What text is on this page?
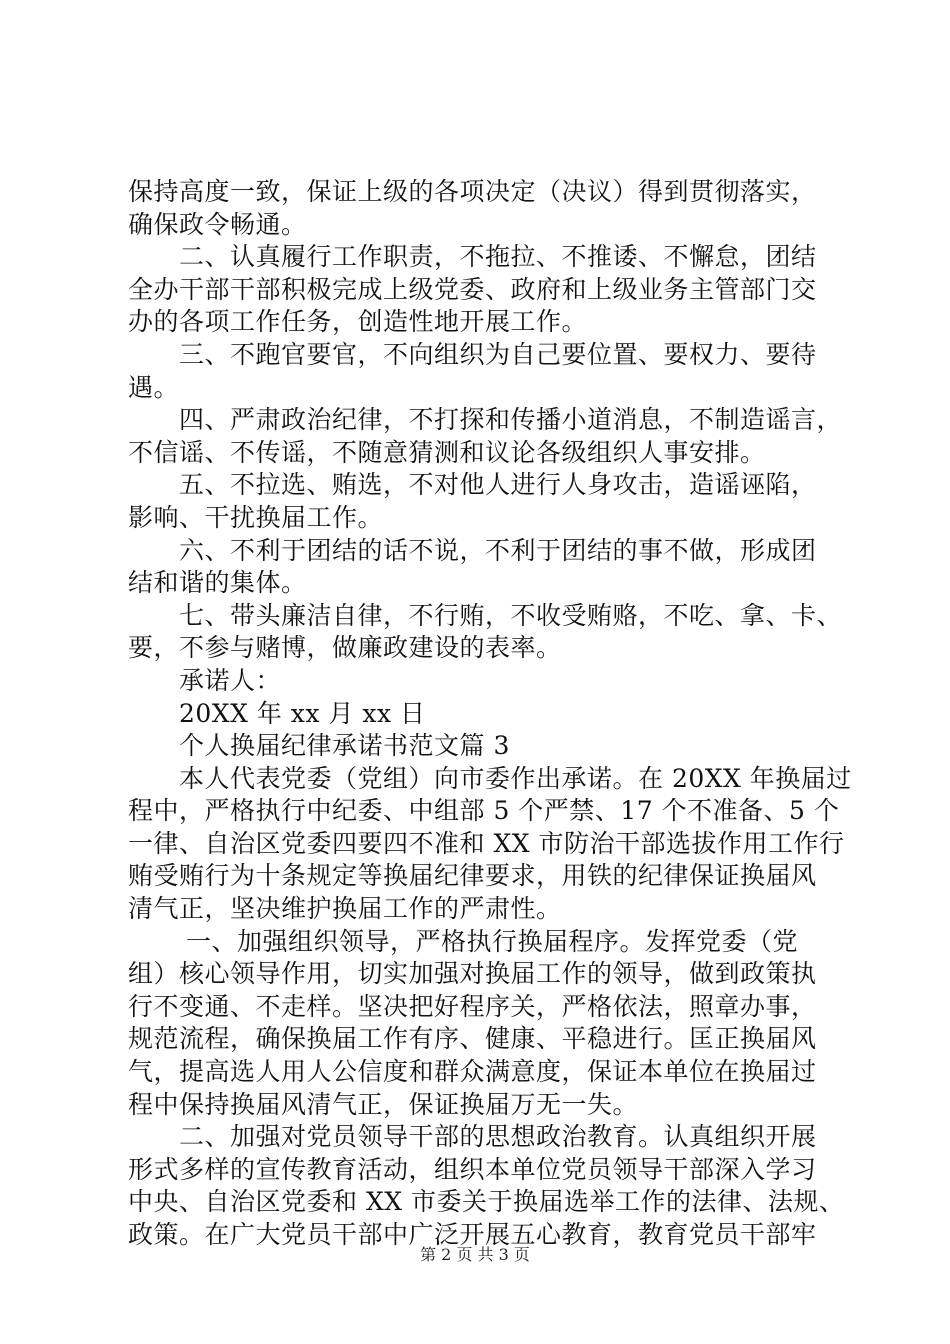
保持高度一致，保证上级的各项决定（决议）得到贯彻落实，
确保政令畅通。
二、认真履行工作职责，不拖拉、不推诿、不懈怠，团结
全办干部干部积极完成上级党委、政府和上级业务主管部门交
办的各项工作任务，创造性地开展工作。
三、不跑官要官，不向组织为自己要位置、要权力、要待
遇。
四、严肃政治纪律，不打探和传播小道消息，不制造谣言，
不信谣、不传谣，不随意猜测和议论各级组织人事安排。
五、不拉选、贿选，不对他人进行人身攻击，造谣诬陷，
影响、干扰换届工作。
六、不利于团结的话不说，不利于团结的事不做，形成团
结和谐的集体。
七、带头廉洁自律，不行贿，不收受贿赂，不吃、拿、卡、
要，不参与赌博，做廉政建设的表率。
承诺人：
20XX 年 xx 月 xx 日
个人换届纪律承诺书范文篇 3
本人代表党委（党组）向市委作出承诺。在 20XX 年换届过
程中，严格执行中纪委、中组部 5 个严禁、17 个不准备、5 个
一律、自治区党委四要四不准和 XX 市防治干部选拔作用工作行
贿受贿行为十条规定等换届纪律要求，用铁的纪律保证换届风
清气正，坚决维护换届工作的严肃性。
一、加强组织领导，严格执行换届程序。发挥党委（党
组）核心领导作用，切实加强对换届工作的领导，做到政策执
行不变通、不走样。坚决把好程序关，严格依法，照章办事，
规范流程，确保换届工作有序、健康、平稳进行。匡正换届风
气，提高选人用人公信度和群众满意度，保证本单位在换届过
程中保持换届风清气正，保证换届万无一失。
二、加强对党员领导干部的思想政治教育。认真组织开展
形式多样的宣传教育活动，组织本单位党员领导干部深入学习
中央、自治区党委和 XX 市委关于换届选举工作的法律、法规、
政策。在广大党员干部中广泛开展五心教育，教育党员干部牢
第 2 页 共 3 页
